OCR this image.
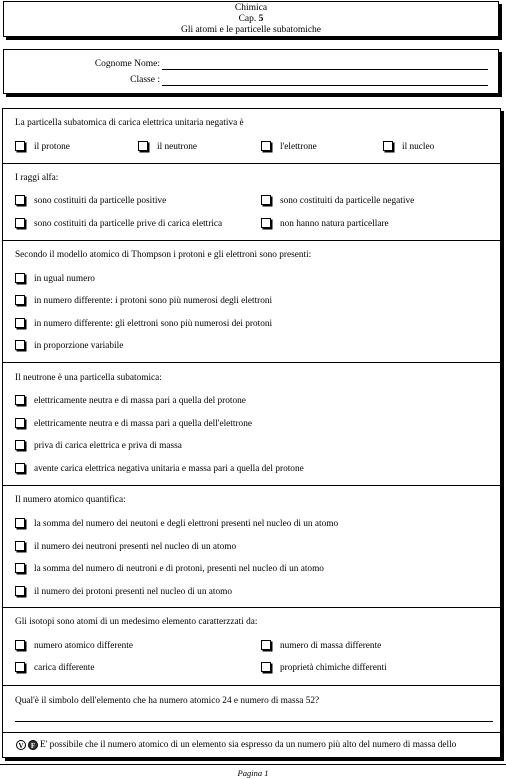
Chimica
Cap. 5
Gli atomi e le particelle subatomiche
Cognome Nome:
Classe :
La particella subatomica di carica elettrica unitaria negativa è
il protone	il neutrone	l'elettrone	il nucleo
I raggi alfa:
sono costituiti da particelle positive	sono costituiti da particelle negative
sono costituiti da particelle prive di carica elettrica	non hanno natura particellare
Secondo il modello atomico di Thompson i protoni e gli elettroni sono presenti:
in ugual numero
in numero differente: i protoni sono più numerosi degli elettroni
in numero differente: gli elettroni sono più numerosi dei protoni
in proporzione variabile
Il neutrone è una particella subatomica:
elettricamente neutra e di massa pari a quella del protone
elettricamente neutra e di massa pari a quella dell'elettrone
priva di carica elettrica e priva di massa
avente carica elettrica negativa unitaria e massa pari a quella del protone
Il numero atomico quantifica:
la somma del numero dei neutoni e degli elettroni presenti nel nucleo di un atomo
il numero dei neutroni presenti nel nucleo di un atomo
la somma del numero di neutroni e di protoni, presenti nel nucleo di un atomo
il numero dei protoni presenti nel nucleo di un atomo
Gli isotopi sono atomi di un medesimo elemento caratterzzati da:
numero atomico differente	numero di massa differente
carica differente	proprietà chimiche differenti
Qual'è il simbolo dell'elemento che ha numero atomico 24 e numero di massa 52?
V	F E' possibile che il numero atomico di un elemento sia espresso da un numero più alto del numero di massa dello
Pagina 1
